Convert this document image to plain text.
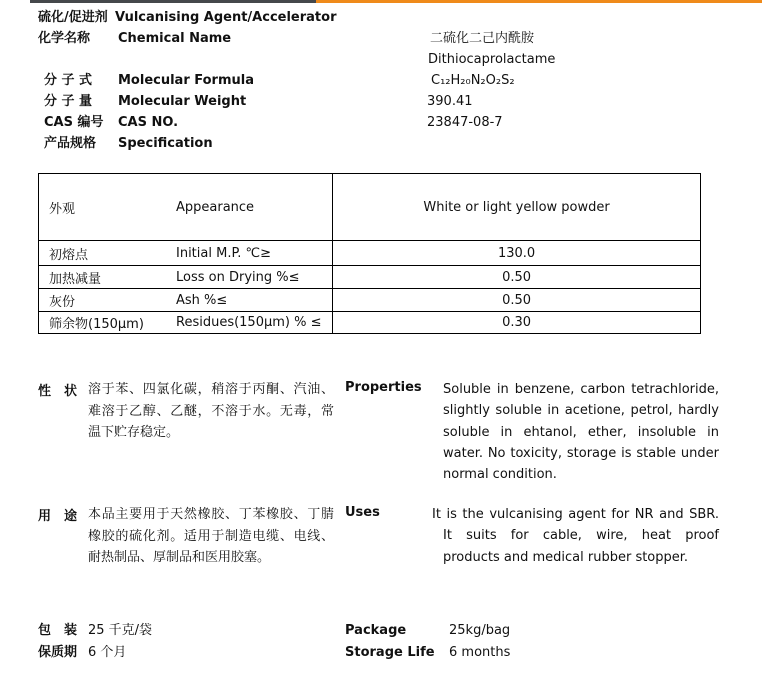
硫化/促进剂 Vulcanising Agent/Accelerator
化学名称 Chemical Name	二硫化二己内酰胺
Dithiocaprolactame
分 子 式 Molecular Formula	C₁₂H₂₀N₂O₂S₂
分 子 量 Molecular Weight	390.41
CAS 编号 CAS NO.	23847-08-7
产品规格 Specification
外观	Appearance	White or light yellow powder
初熔点	Initial M.P. ℃≥	130.0
加热减量	Loss on Drying %≤	0.50
灰份	Ash %≤	0.50
筛余物(150μm) Residues(150μm) % ≤	0.30
性　状 溶于苯、四氯化碳，稍溶于丙酮、汽油、难溶于乙醇、乙醚，不溶于水。无毒，常温下贮存稳定。
Properties Soluble in benzene, carbon tetrachloride, slightly soluble in acetione, petrol, hardly soluble in ehtanol, ether, insoluble in water. No toxicity, storage is stable under normal condition.
用　途 本品主要用于天然橡胶、丁苯橡胶、丁腈橡胶的硫化剂。适用于制造电缆、电线、耐热制品、厚制品和医用胶塞。
Uses	It is the vulcanising agent for NR and SBR. It suits for cable, wire, heat proof products and medical rubber stopper.
包　装 25 千克/袋	Package	25kg/bag
保质期 6 个月	Storage Life 6 months
